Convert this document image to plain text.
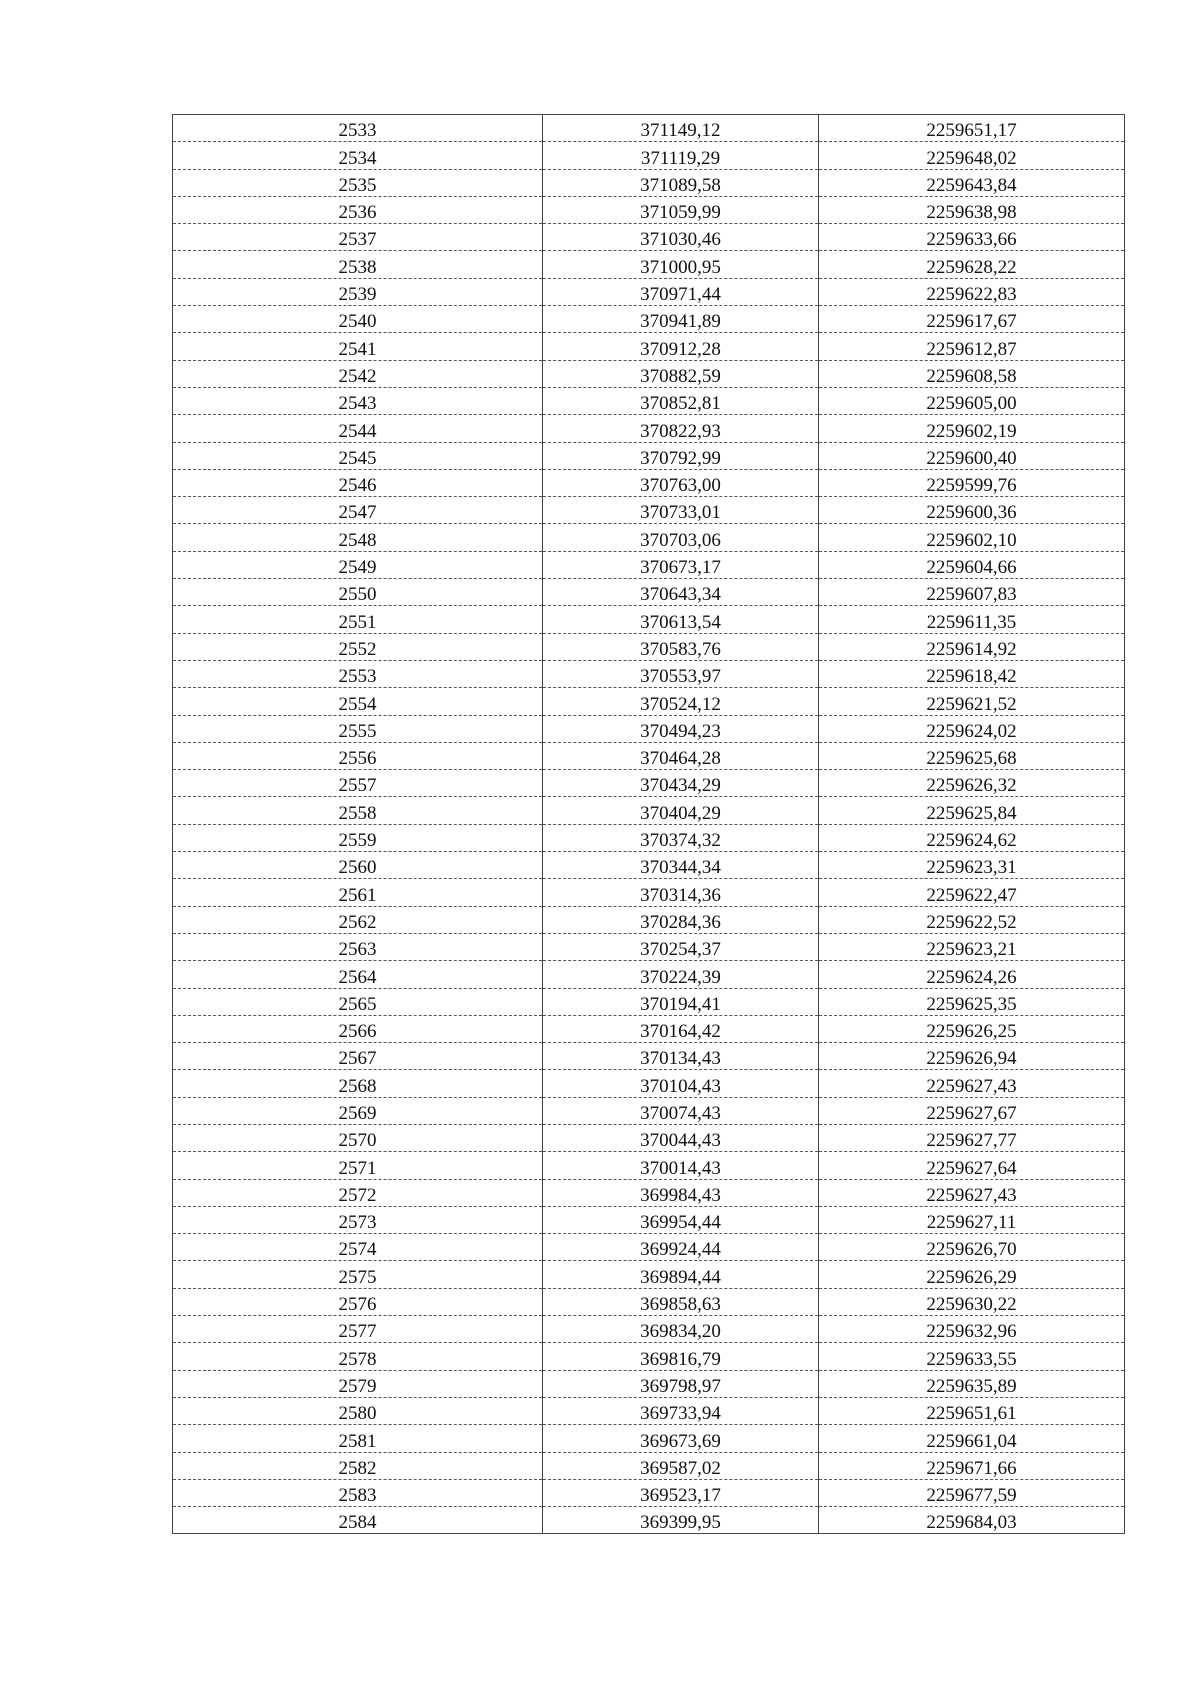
2533	371149,12	2259651,17
2534	371119,29	2259648,02
2535	371089,58	2259643,84
2536	371059,99	2259638,98
2537	371030,46	2259633,66
2538	371000,95	2259628,22
2539	370971,44	2259622,83
2540	370941,89	2259617,67
2541	370912,28	2259612,87
2542	370882,59	2259608,58
2543	370852,81	2259605,00
2544	370822,93	2259602,19
2545	370792,99	2259600,40
2546	370763,00	2259599,76
2547	370733,01	2259600,36
2548	370703,06	2259602,10
2549	370673,17	2259604,66
2550	370643,34	2259607,83
2551	370613,54	2259611,35
2552	370583,76	2259614,92
2553	370553,97	2259618,42
2554	370524,12	2259621,52
2555	370494,23	2259624,02
2556	370464,28	2259625,68
2557	370434,29	2259626,32
2558	370404,29	2259625,84
2559	370374,32	2259624,62
2560	370344,34	2259623,31
2561	370314,36	2259622,47
2562	370284,36	2259622,52
2563	370254,37	2259623,21
2564	370224,39	2259624,26
2565	370194,41	2259625,35
2566	370164,42	2259626,25
2567	370134,43	2259626,94
2568	370104,43	2259627,43
2569	370074,43	2259627,67
2570	370044,43	2259627,77
2571	370014,43	2259627,64
2572	369984,43	2259627,43
2573	369954,44	2259627,11
2574	369924,44	2259626,70
2575	369894,44	2259626,29
2576	369858,63	2259630,22
2577	369834,20	2259632,96
2578	369816,79	2259633,55
2579	369798,97	2259635,89
2580	369733,94	2259651,61
2581	369673,69	2259661,04
2582	369587,02	2259671,66
2583	369523,17	2259677,59
2584	369399,95	2259684,03
